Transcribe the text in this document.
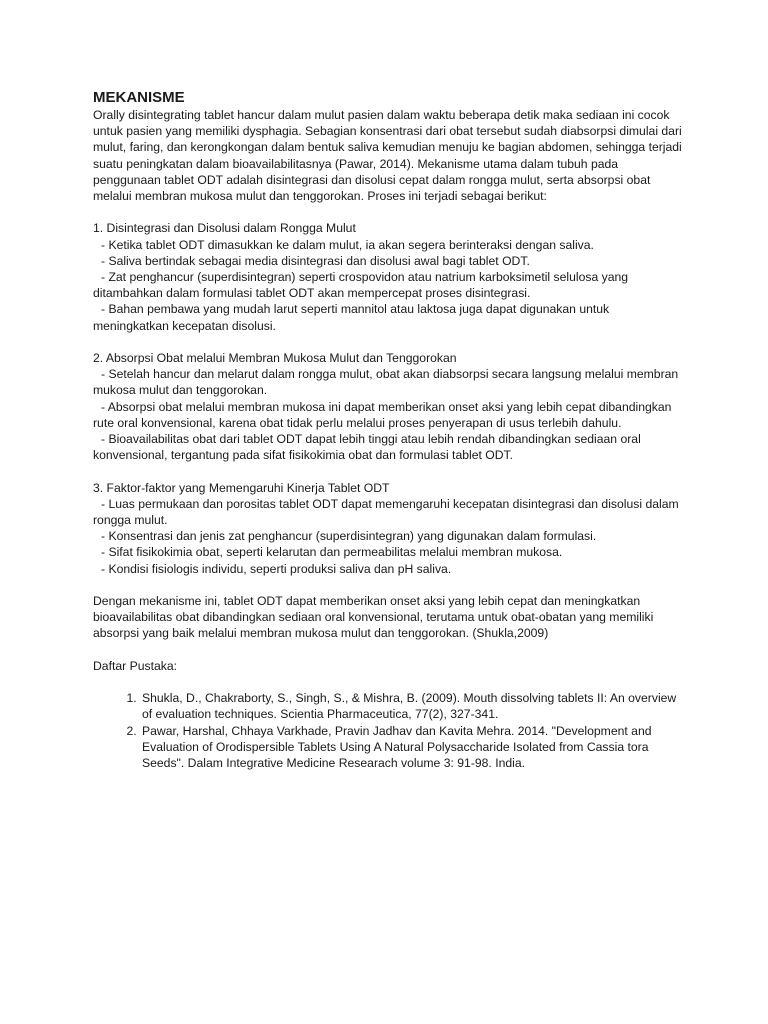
MEKANISME

Orally disintegrating tablet hancur dalam mulut pasien dalam waktu beberapa detik maka sediaan ini cocok untuk pasien yang memiliki dysphagia. Sebagian konsentrasi dari obat tersebut sudah diabsorpsi dimulai dari mulut, faring, dan kerongkongan dalam bentuk saliva kemudian menuju ke bagian abdomen, sehingga terjadi suatu peningkatan dalam bioavailabilitasnya (Pawar, 2014). Mekanisme utama dalam tubuh pada penggunaan tablet ODT adalah disintegrasi dan disolusi cepat dalam rongga mulut, serta absorpsi obat melalui membran mukosa mulut dan tenggorokan. Proses ini terjadi sebagai berikut:

1. Disintegrasi dan Disolusi dalam Rongga Mulut

- Ketika tablet ODT dimasukkan ke dalam mulut, ia akan segera berinteraksi dengan saliva.

- Saliva bertindak sebagai media disintegrasi dan disolusi awal bagi tablet ODT.

- Zat penghancur (superdisintegran) seperti crospovidon atau natrium karboksimetil selulosa yang ditambahkan dalam formulasi tablet ODT akan mempercepat proses disintegrasi.

- Bahan pembawa yang mudah larut seperti mannitol atau laktosa juga dapat digunakan untuk meningkatkan kecepatan disolusi.

2. Absorpsi Obat melalui Membran Mukosa Mulut dan Tenggorokan

- Setelah hancur dan melarut dalam rongga mulut, obat akan diabsorpsi secara langsung melalui membran mukosa mulut dan tenggorokan.

- Absorpsi obat melalui membran mukosa ini dapat memberikan onset aksi yang lebih cepat dibandingkan rute oral konvensional, karena obat tidak perlu melalui proses penyerapan di usus terlebih dahulu.

- Bioavailabilitas obat dari tablet ODT dapat lebih tinggi atau lebih rendah dibandingkan sediaan oral konvensional, tergantung pada sifat fisikokimia obat dan formulasi tablet ODT.

3. Faktor-faktor yang Memengaruhi Kinerja Tablet ODT

- Luas permukaan dan porositas tablet ODT dapat memengaruhi kecepatan disintegrasi dan disolusi dalam rongga mulut.

- Konsentrasi dan jenis zat penghancur (superdisintegran) yang digunakan dalam formulasi.

- Sifat fisikokimia obat, seperti kelarutan dan permeabilitas melalui membran mukosa.

- Kondisi fisiologis individu, seperti produksi saliva dan pH saliva.

Dengan mekanisme ini, tablet ODT dapat memberikan onset aksi yang lebih cepat dan meningkatkan bioavailabilitas obat dibandingkan sediaan oral konvensional, terutama untuk obat-obatan yang memiliki absorpsi yang baik melalui membran mukosa mulut dan tenggorokan. (Shukla,2009)

Daftar Pustaka:

1. Shukla, D., Chakraborty, S., Singh, S., & Mishra, B. (2009). Mouth dissolving tablets II: An overview of evaluation techniques. Scientia Pharmaceutica, 77(2), 327-341.
2. Pawar, Harshal, Chhaya Varkhade, Pravin Jadhav dan Kavita Mehra. 2014. "Development and Evaluation of Orodispersible Tablets Using A Natural Polysaccharide Isolated from Cassia tora Seeds". Dalam Integrative Medicine Researach volume 3: 91-98. India.
